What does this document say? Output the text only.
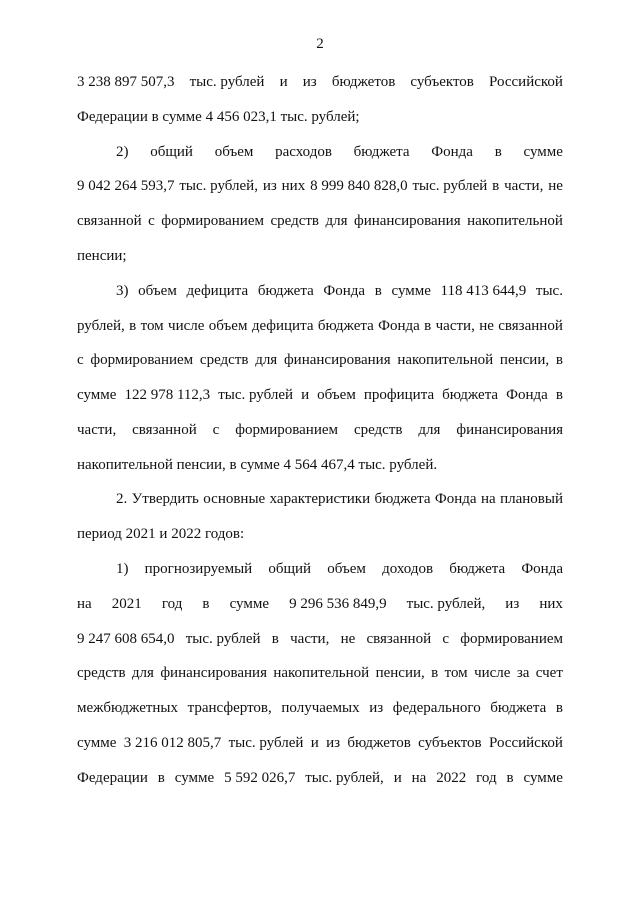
2
3 238 897 507,3 тыс. рублей и из бюджетов субъектов Российской
Федерации в сумме 4 456 023,1 тыс. рублей;
2) общий объем расходов бюджета Фонда в сумме
9 042 264 593,7 тыс. рублей, из них 8 999 840 828,0 тыс. рублей в части, не
связанной с формированием средств для финансирования накопительной
пенсии;
3) объем дефицита бюджета Фонда в сумме 118 413 644,9 тыс.
рублей, в том числе объем дефицита бюджета Фонда в части, не связанной
с формированием средств для финансирования накопительной пенсии, в
сумме 122 978 112,3 тыс. рублей и объем профицита бюджета Фонда в
части, связанной с формированием средств для финансирования
накопительной пенсии, в сумме 4 564 467,4 тыс. рублей.
2. Утвердить основные характеристики бюджета Фонда на плановый
период 2021 и 2022 годов:
1) прогнозируемый общий объем доходов бюджета Фонда
на 2021 год в сумме 9 296 536 849,9 тыс. рублей, из них
9 247 608 654,0 тыс. рублей в части, не связанной с формированием
средств для финансирования накопительной пенсии, в том числе за счет
межбюджетных трансфертов, получаемых из федерального бюджета в
сумме 3 216 012 805,7 тыс. рублей и из бюджетов субъектов Российской
Федерации в сумме 5 592 026,7 тыс. рублей, и на 2022 год в сумме
